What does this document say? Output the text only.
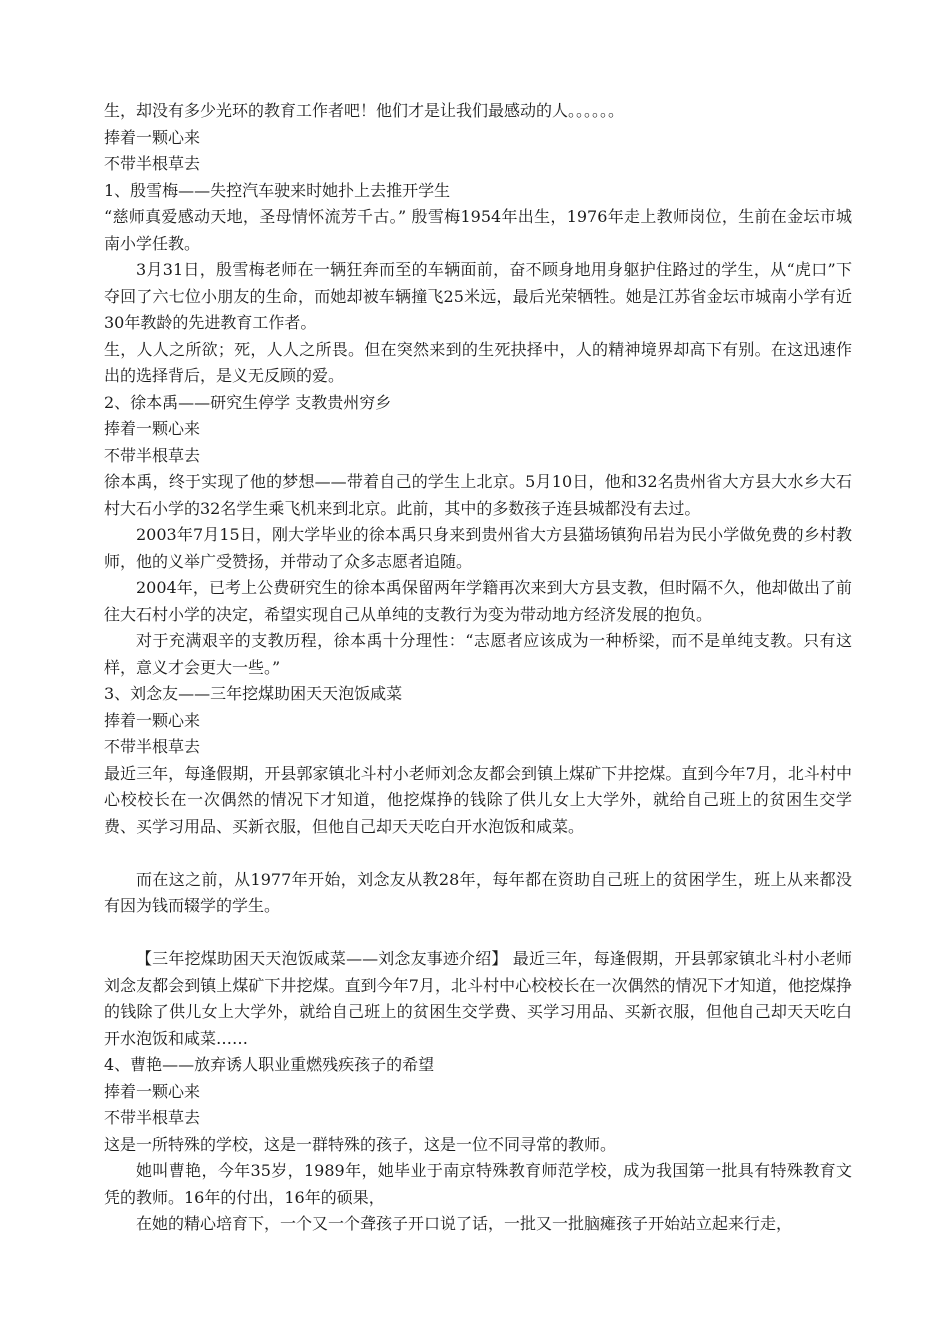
生，却没有多少光环的教育工作者吧！他们才是让我们最感动的人。。。。。。

捧着一颗心来

不带半根草去

1、殷雪梅——失控汽车驶来时她扑上去推开学生

“慈师真爱感动天地，圣母情怀流芳千古。” 殷雪梅1954年出生，1976年走上教师岗位，生前在金坛市城南小学任教。

3月31日，殷雪梅老师在一辆狂奔而至的车辆面前，奋不顾身地用身躯护住路过的学生，从“虎口”下夺回了六七位小朋友的生命，而她却被车辆撞飞25米远，最后光荣牺牲。她是江苏省金坛市城南小学有近30年教龄的先进教育工作者。

生，人人之所欲；死，人人之所畏。但在突然来到的生死抉择中，人的精神境界却高下有别。在这迅速作出的选择背后，是义无反顾的爱。

2、徐本禹——研究生停学 支教贵州穷乡

捧着一颗心来

不带半根草去

徐本禹，终于实现了他的梦想——带着自己的学生上北京。5月10日，他和32名贵州省大方县大水乡大石村大石小学的32名学生乘飞机来到北京。此前，其中的多数孩子连县城都没有去过。

2003年7月15日，刚大学毕业的徐本禹只身来到贵州省大方县猫场镇狗吊岩为民小学做免费的乡村教师，他的义举广受赞扬，并带动了众多志愿者追随。

2004年，已考上公费研究生的徐本禹保留两年学籍再次来到大方县支教，但时隔不久，他却做出了前往大石村小学的决定，希望实现自己从单纯的支教行为变为带动地方经济发展的抱负。

对于充满艰辛的支教历程，徐本禹十分理性：“志愿者应该成为一种桥梁，而不是单纯支教。只有这样，意义才会更大一些。”

3、刘念友——三年挖煤助困天天泡饭咸菜

捧着一颗心来

不带半根草去

最近三年，每逢假期，开县郭家镇北斗村小老师刘念友都会到镇上煤矿下井挖煤。直到今年7月，北斗村中心校校长在一次偶然的情况下才知道，他挖煤挣的钱除了供儿女上大学外，就给自己班上的贫困生交学费、买学习用品、买新衣服，但他自己却天天吃白开水泡饭和咸菜。

而在这之前，从1977年开始，刘念友从教28年，每年都在资助自己班上的贫困学生，班上从来都没有因为钱而辍学的学生。

【三年挖煤助困天天泡饭咸菜——刘念友事迹介绍】 最近三年，每逢假期，开县郭家镇北斗村小老师刘念友都会到镇上煤矿下井挖煤。直到今年7月，北斗村中心校校长在一次偶然的情况下才知道，他挖煤挣的钱除了供儿女上大学外，就给自己班上的贫困生交学费、买学习用品、买新衣服，但他自己却天天吃白开水泡饭和咸菜……

4、曹艳——放弃诱人职业重燃残疾孩子的希望

捧着一颗心来

不带半根草去

这是一所特殊的学校，这是一群特殊的孩子，这是一位不同寻常的教师。

她叫曹艳，今年35岁，1989年，她毕业于南京特殊教育师范学校，成为我国第一批具有特殊教育文凭的教师。16年的付出，16年的硕果，

在她的精心培育下，一个又一个聋孩子开口说了话，一批又一批脑瘫孩子开始站立起来行走，
